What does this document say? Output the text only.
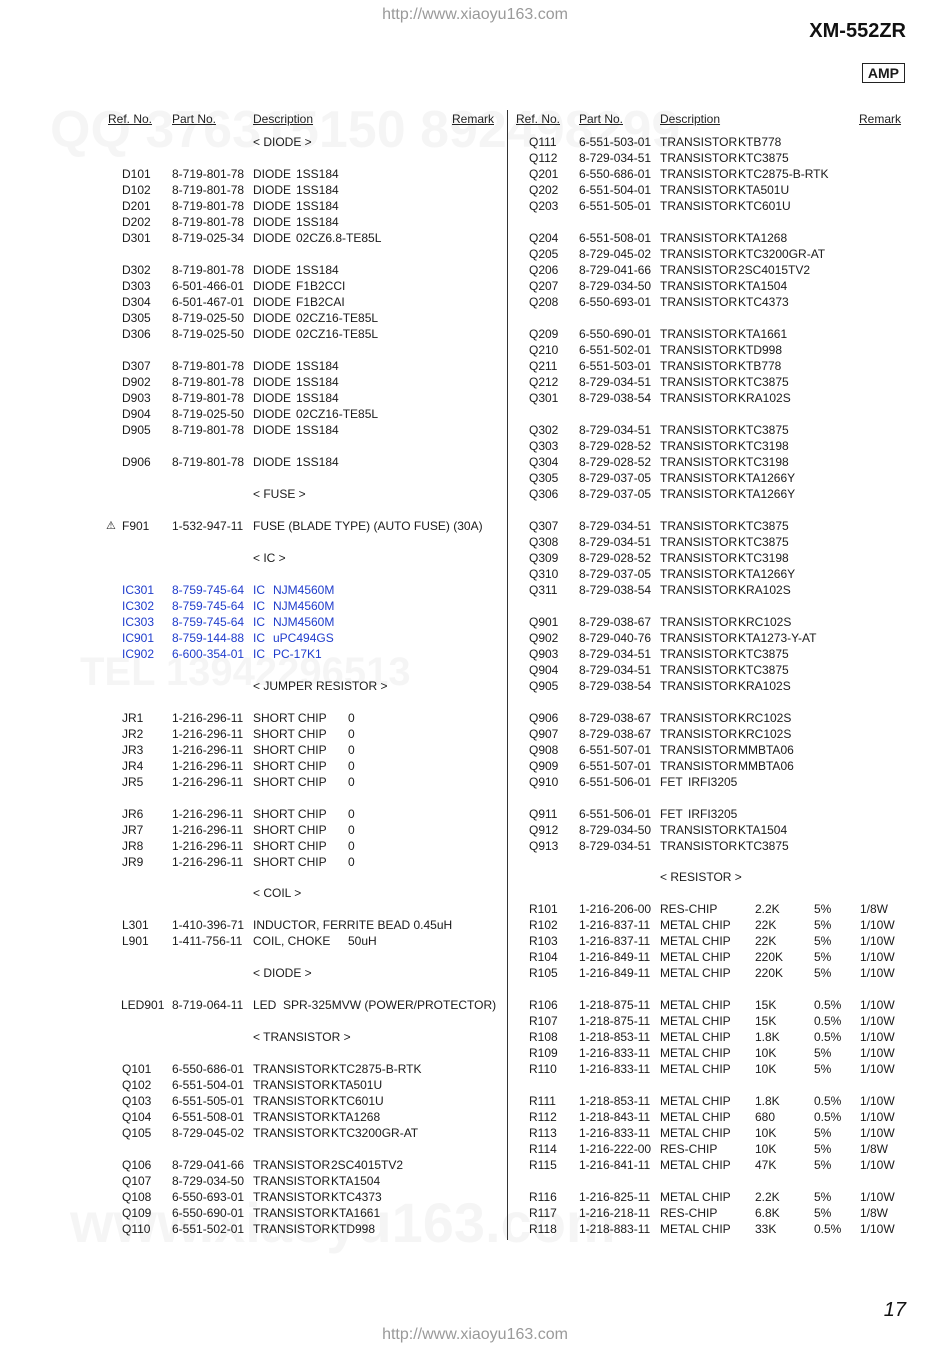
http://www.xiaoyu163.com
XM-552ZR
AMP
Ref. No. Part No.	Description	Remark Ref. No. Part No.	Description	Remark
< DIODE >
< FUSE >
< IC >
< JUMPER RESISTOR >
< COIL >
< DIODE >
< TRANSISTOR >
D101 8-719-801-78 DIODE 1SS184
D102 8-719-801-78 DIODE 1SS184
D201 8-719-801-78 DIODE 1SS184
D202 8-719-801-78 DIODE 1SS184
D301 8-719-025-34 DIODE 02CZ6.8-TE85L
D302 8-719-801-78 DIODE 1SS184
D303 6-501-466-01 DIODE F1B2CCI
D304 6-501-467-01 DIODE F1B2CAI
D305 8-719-025-50 DIODE 02CZ16-TE85L
D306 8-719-025-50 DIODE 02CZ16-TE85L
D307 8-719-801-78 DIODE 1SS184
D902 8-719-801-78 DIODE 1SS184
D903 8-719-801-78 DIODE 1SS184
D904 8-719-025-50 DIODE 02CZ16-TE85L
D905 8-719-801-78 DIODE 1SS184
D906 8-719-801-78 DIODE 1SS184
F901 1-532-947-11 FUSE (BLADE TYPE) (AUTO FUSE) (30A)
⚠
IC301 8-759-745-64 IC NJM4560M
IC302 8-759-745-64 IC NJM4560M
IC303 8-759-745-64 IC NJM4560M
IC901 8-759-144-88 IC uPC494GS
IC902 6-600-354-01 IC PC-17K1
JR1 1-216-296-11 SHORT CHIP 0
JR2 1-216-296-11 SHORT CHIP 0
JR3 1-216-296-11 SHORT CHIP 0
JR4 1-216-296-11 SHORT CHIP 0
JR5 1-216-296-11 SHORT CHIP 0
JR6 1-216-296-11 SHORT CHIP 0
JR7 1-216-296-11 SHORT CHIP 0
JR8 1-216-296-11 SHORT CHIP 0
JR9 1-216-296-11 SHORT CHIP 0
L301 1-410-396-71 INDUCTOR, FERRITE BEAD 0.45uH
L901 1-411-756-11 COIL, CHOKE 50uH
LED901 8-719-064-11 LED SPR-325MVW (POWER/PROTECTOR)
Q101 6-550-686-01 TRANSISTOR KTC2875-B-RTK
Q102 6-551-504-01 TRANSISTOR KTA501U
Q103 6-551-505-01 TRANSISTOR KTC601U
Q104 6-551-508-01 TRANSISTOR KTA1268
Q105 8-729-045-02 TRANSISTOR KTC3200GR-AT
Q106 8-729-041-66 TRANSISTOR 2SC4015TV2
Q107 8-729-034-50 TRANSISTOR KTA1504
Q108 6-550-693-01 TRANSISTOR KTC4373
Q109 6-550-690-01 TRANSISTOR KTA1661
Q110 6-551-502-01 TRANSISTOR KTD998
< RESISTOR >
Q111 6-551-503-01 TRANSISTOR KTB778
Q112 8-729-034-51 TRANSISTOR KTC3875
Q201 6-550-686-01 TRANSISTOR KTC2875-B-RTK
Q202 6-551-504-01 TRANSISTOR KTA501U
Q203 6-551-505-01 TRANSISTOR KTC601U
Q204 6-551-508-01 TRANSISTOR KTA1268
Q205 8-729-045-02 TRANSISTOR KTC3200GR-AT
Q206 8-729-041-66 TRANSISTOR 2SC4015TV2
Q207 8-729-034-50 TRANSISTOR KTA1504
Q208 6-550-693-01 TRANSISTOR KTC4373
Q209 6-550-690-01 TRANSISTOR KTA1661
Q210 6-551-502-01 TRANSISTOR KTD998
Q211 6-551-503-01 TRANSISTOR KTB778
Q212 8-729-034-51 TRANSISTOR KTC3875
Q301 8-729-038-54 TRANSISTOR KRA102S
Q302 8-729-034-51 TRANSISTOR KTC3875
Q303 8-729-028-52 TRANSISTOR KTC3198
Q304 8-729-028-52 TRANSISTOR KTC3198
Q305 8-729-037-05 TRANSISTOR KTA1266Y
Q306 8-729-037-05 TRANSISTOR KTA1266Y
Q307 8-729-034-51 TRANSISTOR KTC3875
Q308 8-729-034-51 TRANSISTOR KTC3875
Q309 8-729-028-52 TRANSISTOR KTC3198
Q310 8-729-037-05 TRANSISTOR KTA1266Y
Q311 8-729-038-54 TRANSISTOR KRA102S
Q901 8-729-038-67 TRANSISTOR KRC102S
Q902 8-729-040-76 TRANSISTOR KTA1273-Y-AT
Q903 8-729-034-51 TRANSISTOR KTC3875
Q904 8-729-034-51 TRANSISTOR KTC3875
Q905 8-729-038-54 TRANSISTOR KRA102S
Q906 8-729-038-67 TRANSISTOR KRC102S
Q907 8-729-038-67 TRANSISTOR KRC102S
Q908 6-551-507-01 TRANSISTOR MMBTA06
Q909 6-551-507-01 TRANSISTOR MMBTA06
Q910 6-551-506-01 FET IRFI3205
Q911 6-551-506-01 FET IRFI3205
Q912 8-729-034-50 TRANSISTOR KTA1504
Q913 8-729-034-51 TRANSISTOR KTC3875
R101 1-216-206-00 RES-CHIP	2.2K	5% 1/8W
R102 1-216-837-11 METAL CHIP 22K	5% 1/10W
R103 1-216-837-11 METAL CHIP 22K	5% 1/10W
R104 1-216-849-11 METAL CHIP 220K	5% 1/10W
R105 1-216-849-11 METAL CHIP 220K	5% 1/10W
R106 1-218-875-11 METAL CHIP 15K	0.5% 1/10W
R107 1-218-875-11 METAL CHIP 15K	0.5% 1/10W
R108 1-218-853-11 METAL CHIP 1.8K	0.5% 1/10W
R109 1-216-833-11 METAL CHIP 10K	5% 1/10W
R110 1-216-833-11 METAL CHIP 10K	5% 1/10W
R111 1-218-853-11 METAL CHIP 1.8K	0.5% 1/10W
R112 1-218-843-11 METAL CHIP 680	0.5% 1/10W
R113 1-216-833-11 METAL CHIP 10K	5% 1/10W
R114 1-216-222-00 RES-CHIP	10K	5% 1/8W
R115 1-216-841-11 METAL CHIP 47K	5% 1/10W
R116 1-216-825-11 METAL CHIP 2.2K	5% 1/10W
R117 1-216-218-11 RES-CHIP	6.8K	5% 1/8W
R118 1-218-883-11 METAL CHIP 33K	0.5% 1/10W
17
http://www.xiaoyu163.com
